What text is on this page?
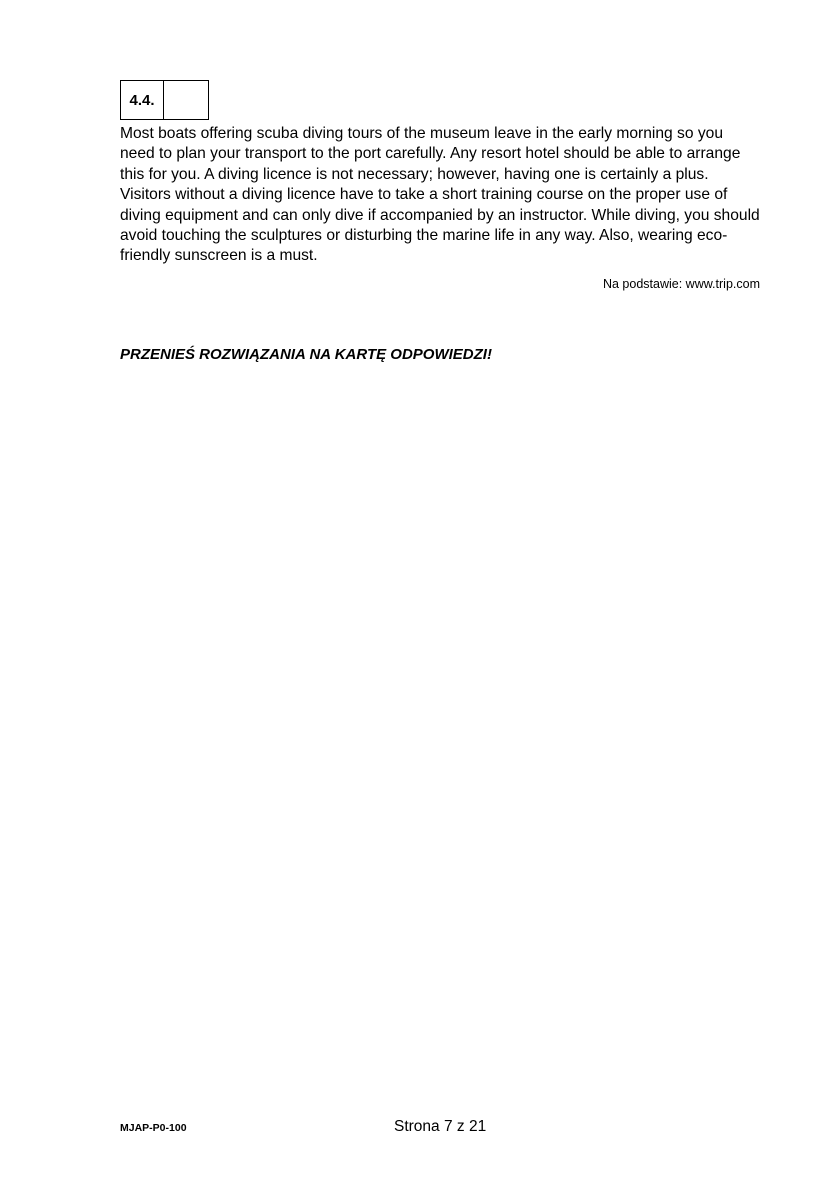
4.4.

Most boats offering scuba diving tours of the museum leave in the early morning so you need to plan your transport to the port carefully. Any resort hotel should be able to arrange this for you. A diving licence is not necessary; however, having one is certainly a plus. Visitors without a diving licence have to take a short training course on the proper use of diving equipment and can only dive if accompanied by an instructor. While diving, you should avoid touching the sculptures or disturbing the marine life in any way. Also, wearing eco-friendly sunscreen is a must.

Na podstawie: www.trip.com

PRZENIEŚ ROZWIĄZANIA NA KARTĘ ODPOWIEDZI!

MJAP-P0-100	Strona 7 z 21
